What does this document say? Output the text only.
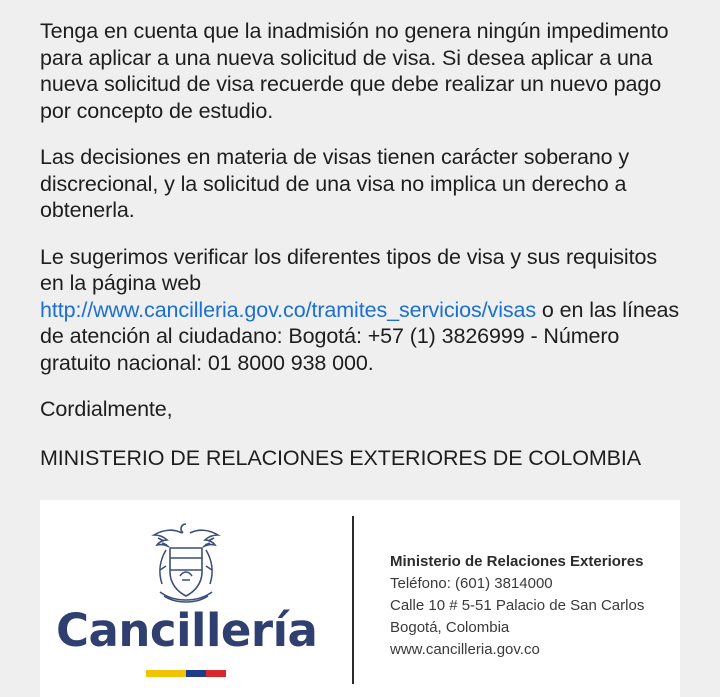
Tenga en cuenta que la inadmisión no genera ningún impedimento para aplicar a una nueva solicitud de visa. Si desea aplicar a una nueva solicitud de visa recuerde que debe realizar un nuevo pago por concepto de estudio.

Las decisiones en materia de visas tienen carácter soberano y discrecional, y la solicitud de una visa no implica un derecho a obtenerla.

Le sugerimos verificar los diferentes tipos de visa y sus requisitos en la página web http://www.cancilleria.gov.co/tramites_servicios/visas o en las líneas de atención al ciudadano: Bogotá: +57 (1) 3826999 - Número gratuito nacional: 01 8000 938 000.

Cordialmente,

MINISTERIO DE RELACIONES EXTERIORES DE COLOMBIA

Cancillería
Ministerio de Relaciones Exteriores
Teléfono: (601) 3814000
Calle 10 # 5-51 Palacio de San Carlos
Bogotá, Colombia
www.cancilleria.gov.co
